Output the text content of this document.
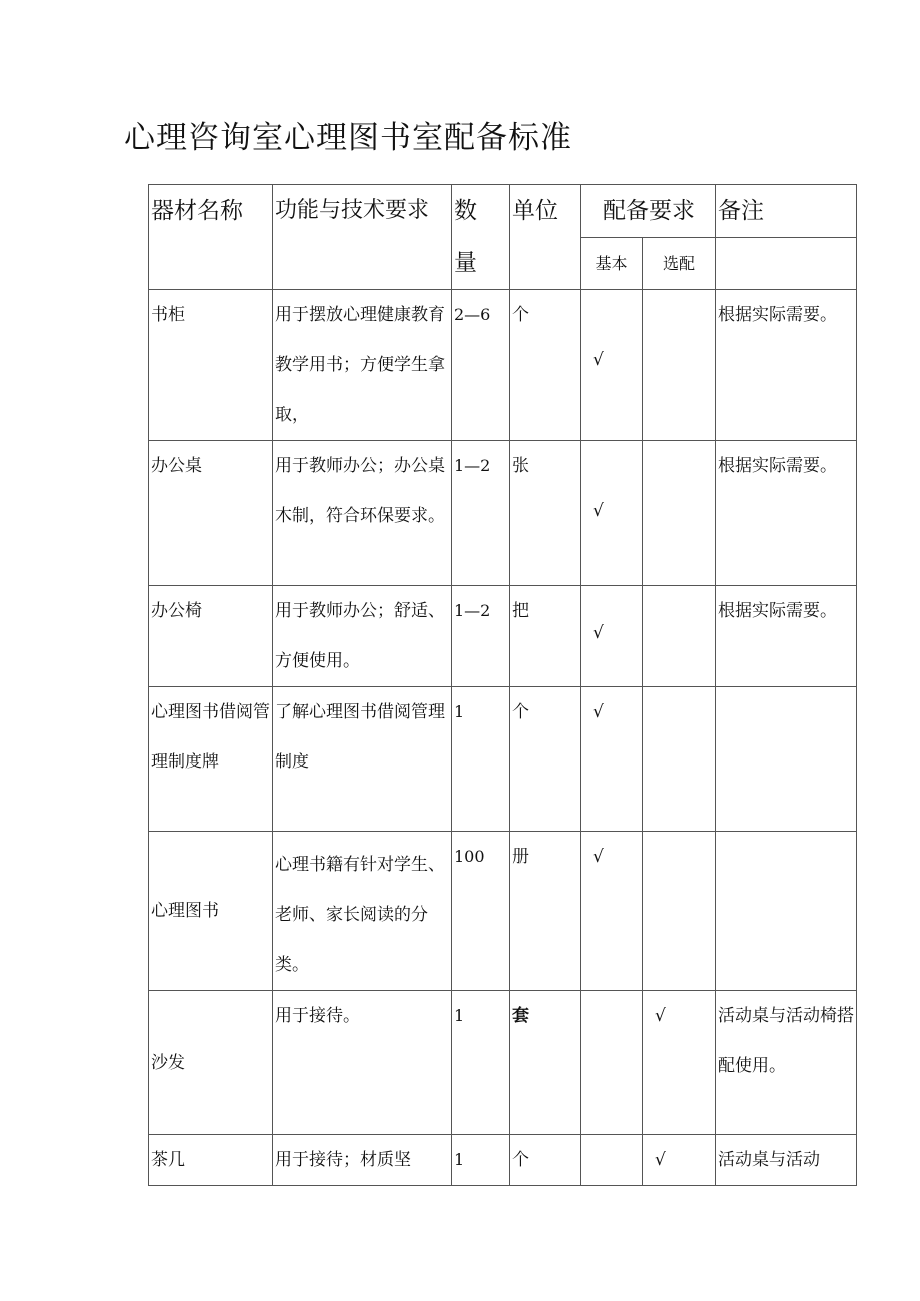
心理咨询室心理图书室配备标准
器材名称	功能与技术要求	数
量	单位	配备要求		备注
				基本	选配	
书柜	用于摆放心理健康教育教学用书；方便学生拿取，	2—6	个	√		根据实际需要。
办公桌	用于教师办公；办公桌木制，符合环保要求。	1—2	张	√		根据实际需要。
办公椅	用于教师办公；舒适、方便使用。	1—2	把	√		根据实际需要。
心理图书借阅管理制度牌	了解心理图书借阅管理制度	1	个	√		
心理图书	心理书籍有针对学生、老师、家长阅读的分类。	100	册	√		
沙发	用于接待。	1	套		√	活动桌与活动椅搭配使用。
茶几	用于接待；材质坚	1	个		√	活动桌与活动
